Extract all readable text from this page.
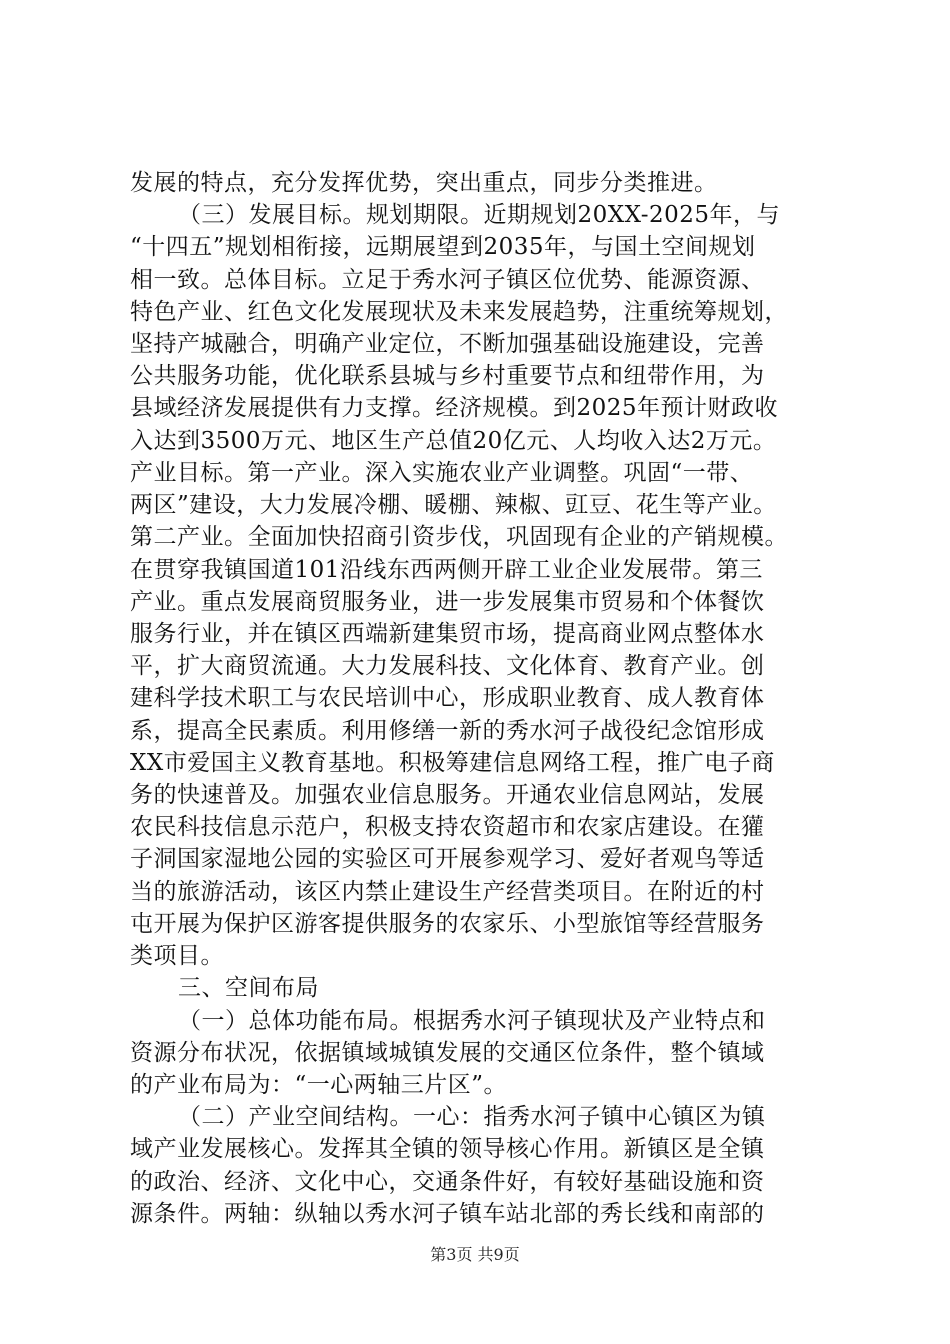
发展的特点，充分发挥优势，突出重点，同步分类推进。
（三）发展目标。规划期限。近期规划20XX-2025年，与
“十四五”规划相衔接，远期展望到2035年，与国土空间规划
相一致。总体目标。立足于秀水河子镇区位优势、能源资源、
特色产业、红色文化发展现状及未来发展趋势，注重统筹规划，
坚持产城融合，明确产业定位，不断加强基础设施建设，完善
公共服务功能，优化联系县城与乡村重要节点和纽带作用，为
县域经济发展提供有力支撑。经济规模。到2025年预计财政收
入达到3500万元、地区生产总值20亿元、人均收入达2万元。
产业目标。第一产业。深入实施农业产业调整。巩固“一带、
两区”建设，大力发展冷棚、暖棚、辣椒、豇豆、花生等产业。
第二产业。全面加快招商引资步伐，巩固现有企业的产销规模。
在贯穿我镇国道101沿线东西两侧开辟工业企业发展带。第三
产业。重点发展商贸服务业，进一步发展集市贸易和个体餐饮
服务行业，并在镇区西端新建集贸市场，提高商业网点整体水
平，扩大商贸流通。大力发展科技、文化体育、教育产业。创
建科学技术职工与农民培训中心，形成职业教育、成人教育体
系，提高全民素质。利用修缮一新的秀水河子战役纪念馆形成
XX市爱国主义教育基地。积极筹建信息网络工程，推广电子商
务的快速普及。加强农业信息服务。开通农业信息网站，发展
农民科技信息示范户，积极支持农资超市和农家店建设。在獾
子洞国家湿地公园的实验区可开展参观学习、爱好者观鸟等适
当的旅游活动，该区内禁止建设生产经营类项目。在附近的村
屯开展为保护区游客提供服务的农家乐、小型旅馆等经营服务
类项目。
三、空间布局
（一）总体功能布局。根据秀水河子镇现状及产业特点和
资源分布状况，依据镇域城镇发展的交通区位条件，整个镇域
的产业布局为：“一心两轴三片区”。
（二）产业空间结构。一心：指秀水河子镇中心镇区为镇
域产业发展核心。发挥其全镇的领导核心作用。新镇区是全镇
的政治、经济、文化中心，交通条件好，有较好基础设施和资
源条件。两轴：纵轴以秀水河子镇车站北部的秀长线和南部的
第3页 共9页
